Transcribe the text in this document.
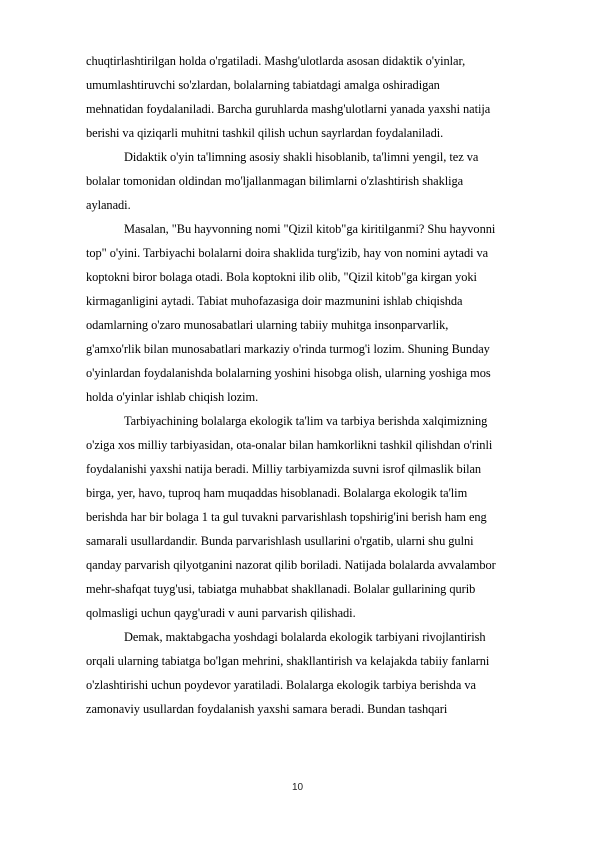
chuqtirlashtirilgan holda o'rgatiladi. Mashg'ulotlarda asosan didaktik o'yinlar,
umumlashtiruvchi so'zlardan, bolalarning tabiatdagi amalga oshiradigan
mehnatidan foydalaniladi. Barcha guruhlarda mashg'ulotlarni yanada yaxshi natija
berishi va qiziqarli muhitni tashkil qilish uchun sayrlardan foydalaniladi.
Didaktik o'yin ta'limning asosiy shakli hisoblanib, ta'limni yengil, tez va
bolalar tomonidan oldindan mo'ljallanmagan bilimlarni o'zlashtirish shakliga
aylanadi.
Masalan, "Bu hayvonning nomi "Qizil kitob"ga kiritilganmi? Shu hayvonni
top" o'yini. Tarbiyachi bolalarni doira shaklida turg'izib, hay von nomini aytadi va
koptokni biror bolaga otadi. Bola koptokni ilib olib, "Qizil kitob"ga kirgan yoki
kirmaganligini aytadi. Tabiat muhofazasiga doir mazmunini ishlab chiqishda
odamlarning o'zaro munosabatlari ularning tabiiy muhitga insonparvarlik,
g'amxo'rlik bilan munosabatlari markaziy o'rinda turmog'i lozim. Shuning Bunday
o'yinlardan foydalanishda bolalarning yoshini hisobga olish, ularning yoshiga mos
holda o'yinlar ishlab chiqish lozim.
Tarbiyachining bolalarga ekologik ta'lim va tarbiya berishda xalqimizning
o'ziga xos milliy tarbiyasidan, ota-onalar bilan hamkorlikni tashkil qilishdan o'rinli
foydalanishi yaxshi natija beradi. Milliy tarbiyamizda suvni isrof qilmaslik bilan
birga, yer, havo, tuproq ham muqaddas hisoblanadi. Bolalarga ekologik ta'lim
berishda har bir bolaga 1 ta gul tuvakni parvarishlash topshirig'ini berish ham eng
samarali usullardandir. Bunda parvarishlash usullarini o'rgatib, ularni shu gulni
qanday parvarish qilyotganini nazorat qilib boriladi. Natijada bolalarda avvalambor
mehr-shafqat tuyg'usi, tabiatga muhabbat shakllanadi. Bolalar gullarining qurib
qolmasligi uchun qayg'uradi v auni parvarish qilishadi.
Demak, maktabgacha yoshdagi bolalarda ekologik tarbiyani rivojlantirish
orqali ularning tabiatga bo'lgan mehrini, shakllantirish va kelajakda tabiiy fanlarni
o'zlashtirishi uchun poydevor yaratiladi. Bolalarga ekologik tarbiya berishda va
zamonaviy usullardan foydalanish yaxshi samara beradi. Bundan tashqari
10
